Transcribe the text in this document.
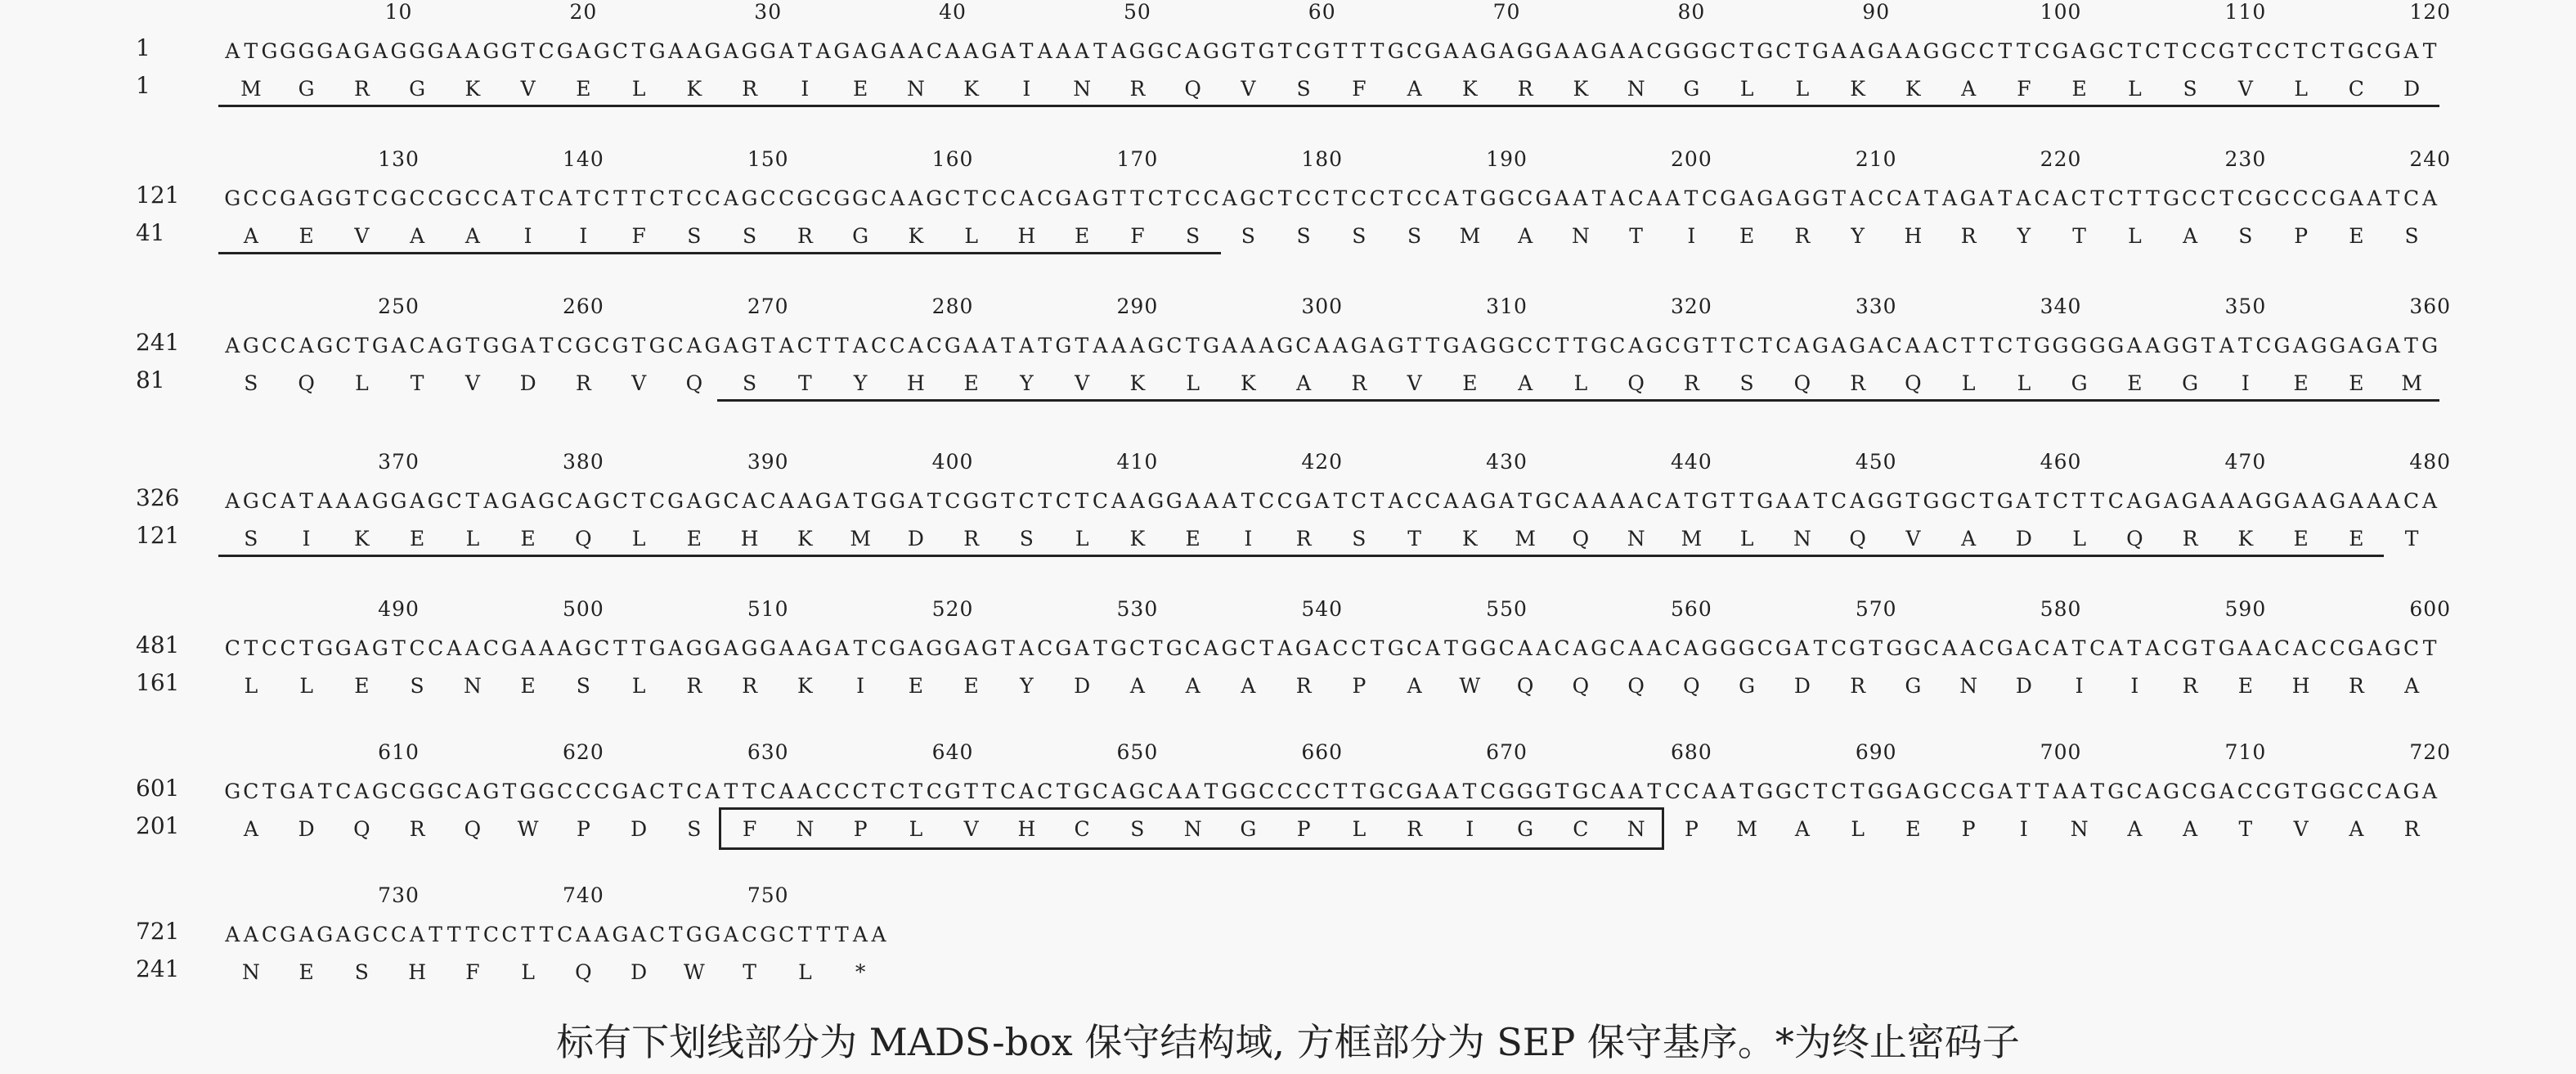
10	20	30	40	50	60	70	80	90	100	110	120
1
1
A T G G G G A G A G G G A A G G T C G A G C T G A A G A G G A T A G A G A A C A A G A T A A A T A G G C A G G T G T C G T T T G C G A A G A G G A A G A A C G G G C T G C T G A A G A A G G C C T T C G A G C T C T C C G T C C T C T G C G A T
M	G	R	G	K	V	E	L	K	R	I	E	N	K	I	N	R	Q	V	S	F	A	K	R	K	N	G	L	L	K	K	A	F	E	L	S	V	L	C	D
130	140	150	160	170	180	190	200	210	220	230	240
121
41
G C C G A G G T C G C C G C C A T C A T C T T C T C C A G C C G C G G C A A G C T C C A C G A G T T C T C C A G C T C C T C C T C C A T G G C G A A T A C A A T C G A G A G G T A C C A T A G A T A C A C T C T T G C C T C G C C C G A A T C A
A	E	V	A	A	I	I	F	S	S	R	G	K	L	H	E	F	S	S	S	S	S	M	A	N	T	I	E	R	Y	H	R	Y	T	L	A	S	P	E	S
250	260	270	280	290	300	310	320	330	340	350	360
241
81
A G C C A G C T G A C A G T G G A T C G C G T G C A G A G T A C T T A C C A C G A A T A T G T A A A G C T G A A A G C A A G A G T T G A G G C C T T G C A G C G T T C T C A G A G A C A A C T T C T G G G G G A A G G T A T C G A G G A G A T G
S	Q	L	T	V	D	R	V	Q	S	T	Y	H	E	Y	V	K	L	K	A	R	V	E	A	L	Q	R	S	Q	R	Q	L	L	G	E	G	I	E	E	M
370	380	390	400	410	420	430	440	450	460	470	480
326
121
A G C A T A A A G G A G C T A G A G C A G C T C G A G C A C A A G A T G G A T C G G T C T C T C A A G G A A A T C C G A T C T A C C A A G A T G C A A A A C A T G T T G A A T C A G G T G G C T G A T C T T C A G A G A A A G G A A G A A A C A
S	I	K	E	L	E	Q	L	E	H	K	M	D	R	S	L	K	E	I	R	S	T	K	M	Q	N	M	L	N	Q	V	A	D	L	Q	R	K	E	E	T
490	500	510	520	530	540	550	560	570	580	590	600
481
161
C T C C T G G A G T C C A A C G A A A G C T T G A G G A G G A A G A T C G A G G A G T A C G A T G C T G C A G C T A G A C C T G C A T G G C A A C A G C A A C A G G G C G A T C G T G G C A A C G A C A T C A T A C G T G A A C A C C G A G C T
L	L	E	S	N	E	S	L	R	R	K	I	E	E	Y	D	A	A	A	R	P	A	W	Q	Q	Q	Q	G	D	R	G	N	D	I	I	R	E	H	R	A
610	620	630	640	650	660	670	680	690	700	710	720
601
201
G C T G A T C A G C G G C A G T G G C C C G A C T C A T T C A A C C C T C T C G T T C A C T G C A G C A A T G G C C C C T T G C G A A T C G G G T G C A A T C C A A T G G C T C T G G A G C C G A T T A A T G C A G C G A C C G T G G C C A G A
A	D	Q	R	Q	W	P	D	S	F	N	P	L	V	H	C	S	N	G	P	L	R	I	G	C	N	P	M	A	L	E	P	I	N	A	A	T	V	A	R
730	740	750
721
241
A A C G A G A G C C A T T T C C T T C A A G A C T G G A C G C T T T A A
N	E	S	H	F	L	Q	D	W	T	L	*
标有下划线部分为 MADS-box 保守结构域, 方框部分为 SEP 保守基序。*为终止密码子
